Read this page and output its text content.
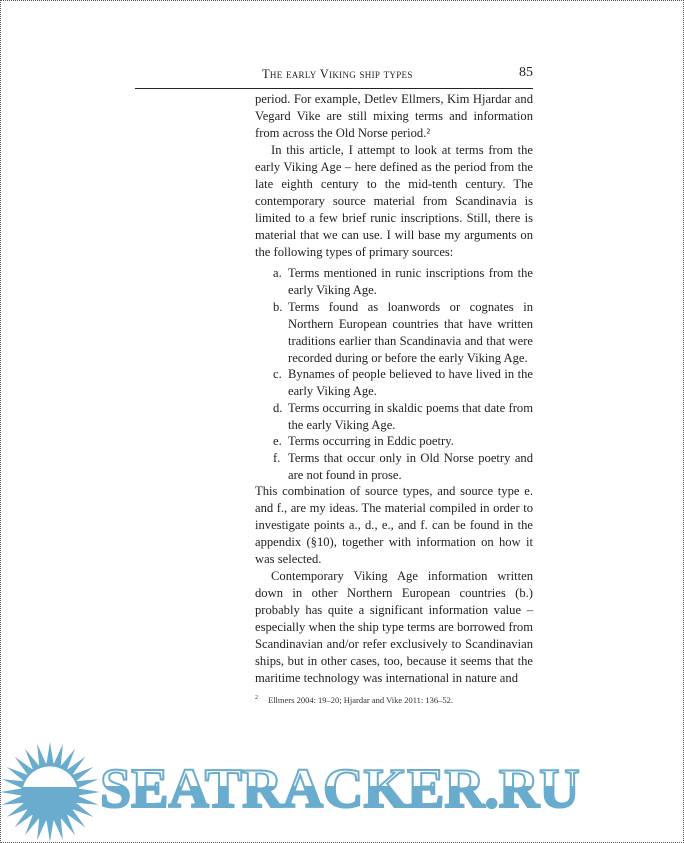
The early Viking ship types	85

period. For example, Detlev Ellmers, Kim Hjardar and Vegard Vike are still mixing terms and information from across the Old Norse period.²

In this article, I attempt to look at terms from the early Viking Age – here defined as the period from the late eighth century to the mid-tenth century. The contemporary source material from Scandinavia is limited to a few brief runic inscriptions. Still, there is material that we can use. I will base my arguments on the following types of primary sources:

a. Terms mentioned in runic inscriptions from the early Viking Age.
b. Terms found as loanwords or cognates in Northern European countries that have written traditions earlier than Scandinavia and that were recorded during or before the early Viking Age.
c. Bynames of people believed to have lived in the early Viking Age.
d. Terms occurring in skaldic poems that date from the early Viking Age.
e. Terms occurring in Eddic poetry.
f. Terms that occur only in Old Norse poetry and are not found in prose.

This combination of source types, and source type e. and f., are my ideas. The material compiled in order to investigate points a., d., e., and f. can be found in the appendix (§10), together with information on how it was selected.

Contemporary Viking Age information written down in other Northern European countries (b.) probably has quite a significant information value – especially when the ship type terms are borrowed from Scandinavian and/or refer exclusively to Scandinavian ships, but in other cases, too, because it seems that the maritime technology was international in nature and

$^2$ Ellmers 2004: 19–20; Hjardar and Vike 2011: 136–52.
SEATRACKER.RU
